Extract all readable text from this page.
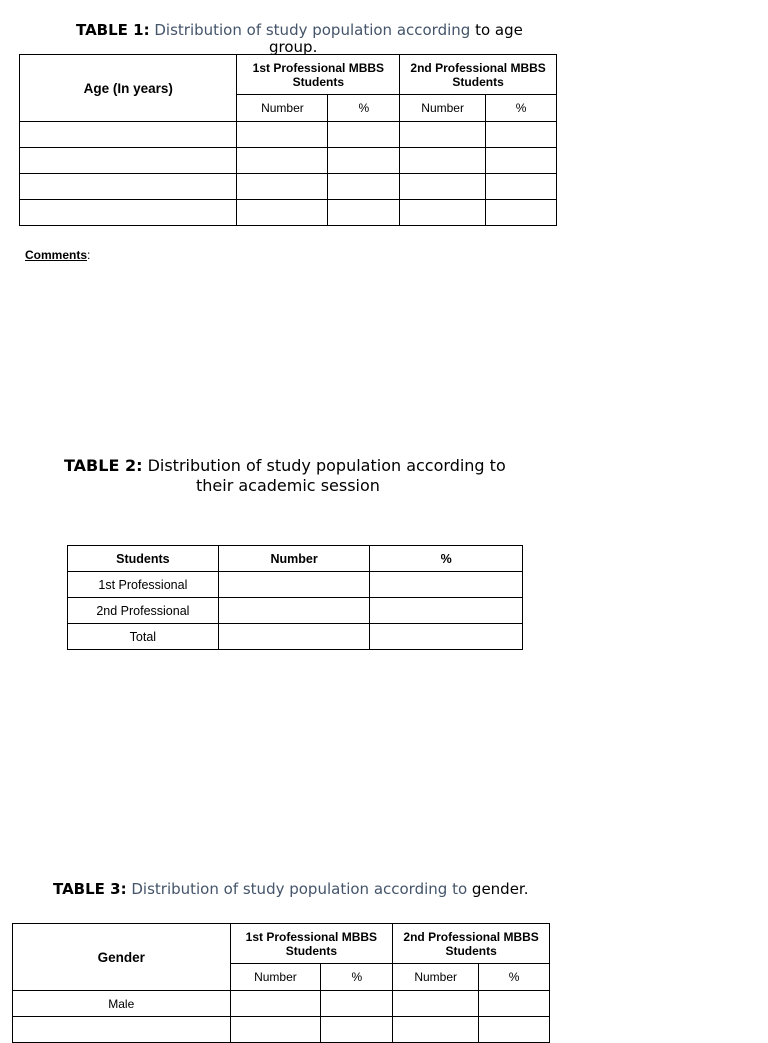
TABLE 1: Distribution of study population according to age
group.
Age (In years)	1st Professional MBBS Students		2nd Professional MBBS Students	
	Number	%	Number	%

Comments:
TABLE 2: Distribution of study population according to
their academic session
Students	Number	%
1st Professional		
2nd Professional		
Total		
TABLE 3: Distribution of study population according to gender.
Gender	1st Professional MBBS Students		2nd Professional MBBS Students	
	Number	%	Number	%
Male				
